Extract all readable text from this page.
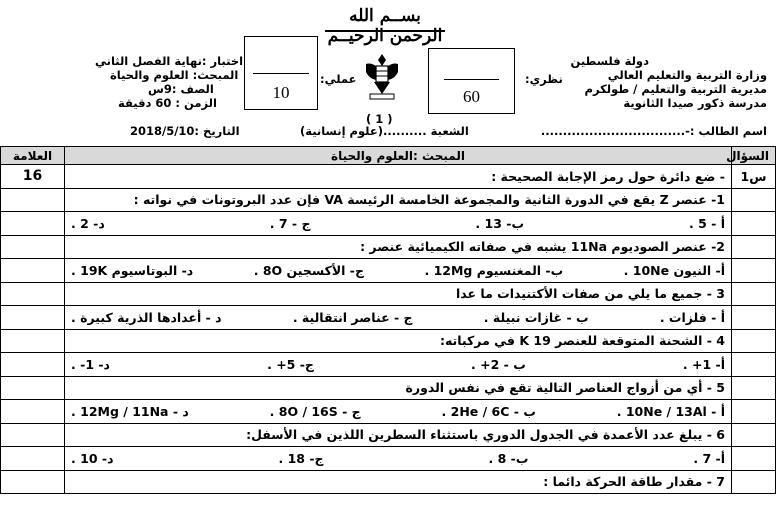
بســم الله الرحمن الرحيــم
دولة فلسطين
وزارة التربية والتعليم العالي
مديرية التربية والتعليم / طولكرم
مدرسة ذكور صيدا الثانوية
اسم الطالب :-.................................
نظري:
60
عملي:
10
( 1 )
اختبار :نهاية الفصل الثاني
المبحث: العلوم والحياة
الصف :9س
الزمن : 60 دقيقة
التاريخ :2018/5/10	الشعبة ..........(علوم إنسانية)
السؤال	المبحث :العلوم والحياة	العلامة
س1	- ضع دائرة حول رمز الإجابة الصحيحة :	16
	1- عنصر Z يقع في الدورة الثانية والمجموعة الخامسة الرئيسة VA فإن عدد البروتونات في نواته :	

	أ - 5 .
ب- 13 .
ج - 7 .
د- 2 .	

	2- عنصر الصوديوم 11Na يشبه في صفاته الكيميائية عنصر :	

	أ- النيون 10Ne .
ب- المغنسيوم 12Mg .
ج- الأكسجين 8O .
د- البوتاسيوم 19K .	

	3 - جميع ما يلي من صفات الأكتنيدات ما عدا	

	أ - فلزات .
ب - غازات نبيلة .
ج - عناصر انتقالية .
د - أعدادها الذرية كبيرة .	

	4 - الشحنة المتوقعة للعنصر K 19 في مركباته:	

	أ- 1+ .
ب - 2+ .
ج- 5+ .
د- 1- .	

	5 - أي من أزواج العناصر التالية تقع في نفس الدورة	

	أ - 10Ne / 13Al .
ب - 2He / 6C .
ج - 8O / 16S .
د - 12Mg / 11Na .	

	6 - يبلغ عدد الأعمدة في الجدول الدوري باستثناء السطرين اللذين في الأسفل:	

	أ- 7 .
ب- 8 .
ج- 18 .
د- 10 .	

	7 - مقدار طاقة الحركة دائما :	
